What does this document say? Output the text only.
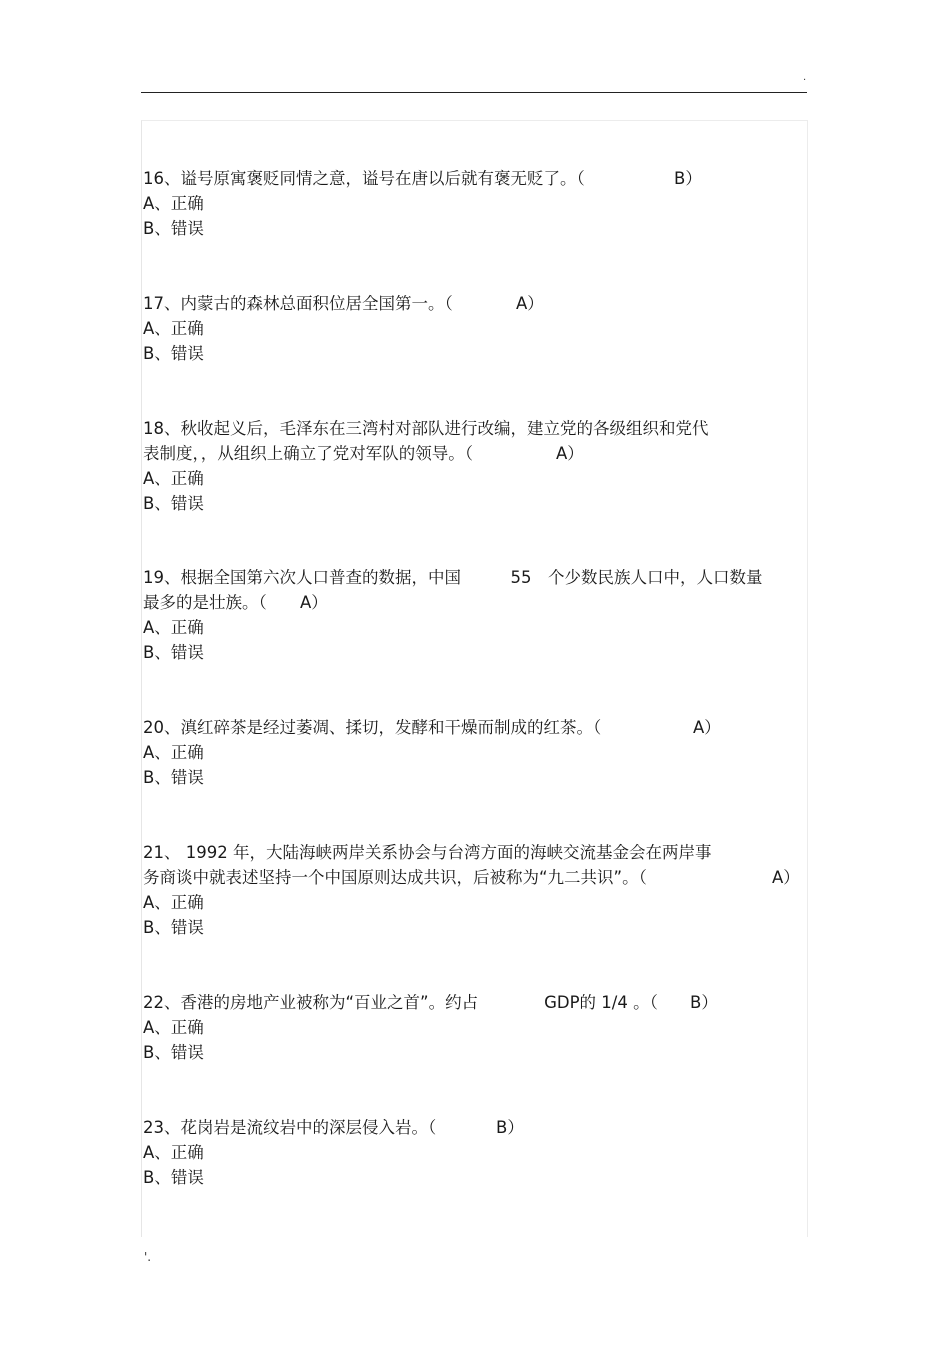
.
16、谥号原寓褒贬同情之意，谥号在唐以后就有褒无贬了。（	B）
A、正确
B、错误
17、内蒙古的森林总面积位居全国第一。（	A）
A、正确
B、错误
18、秋收起义后，毛泽东在三湾村对部队进行改编，建立党的各级组织和党代
表制度，，从组织上确立了党对军队的领导。（	A）
A、正确
B、错误
19、根据全国第六次人口普查的数据，中国　　　55　个少数民族人口中，人口数量
最多的是壮族。（ A）
A、正确
B、错误
20、滇红碎茶是经过萎凋、揉切，发酵和干燥而制成的红茶。（	A）
A、正确
B、错误
21、 1992 年，大陆海峡两岸关系协会与台湾方面的海峡交流基金会在两岸事
务商谈中就表述坚持一个中国原则达成共识，后被称为“九二共识”。（	A）
A、正确
B、错误
22、香港的房地产业被称为“百业之首”。约占　　　　GDP的 1/4 。（ B）
A、正确
B、错误
23、花岗岩是流纹岩中的深层侵入岩。（	B）
A、正确
B、错误
'.
